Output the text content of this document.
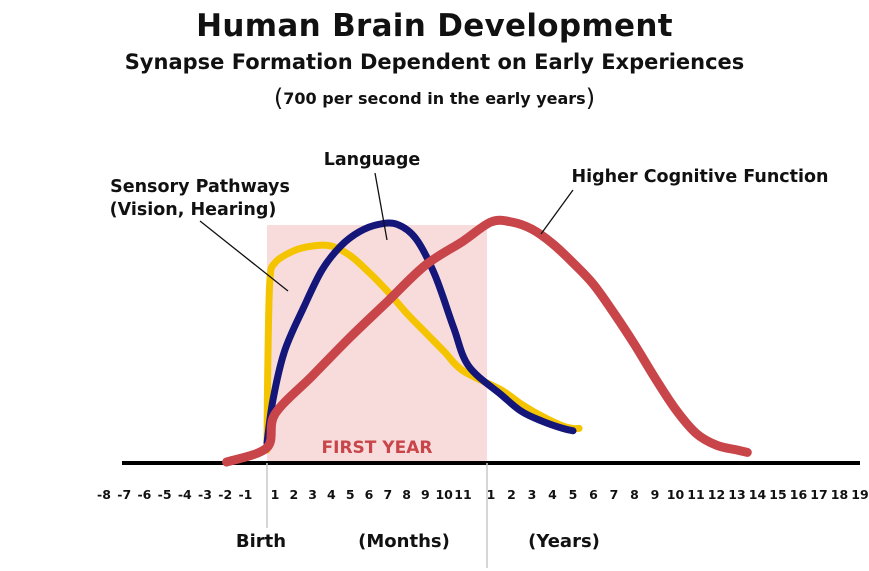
Human Brain Development
Synapse Formation Dependent on Early Experiences
(700 per second in the early years)
FIRST YEAR
-8 -7 -6 -5 -4 -3 -2 -1 1 2 3 4 5 6 7 8 9 10 11 1 2 3 4 5 6 7 8 9 10 11 12 13 14 15 16 17 18 19
Sensory Pathways
(Vision, Hearing)
Language
Higher Cognitive Function
Birth	(Months)	(Years)
